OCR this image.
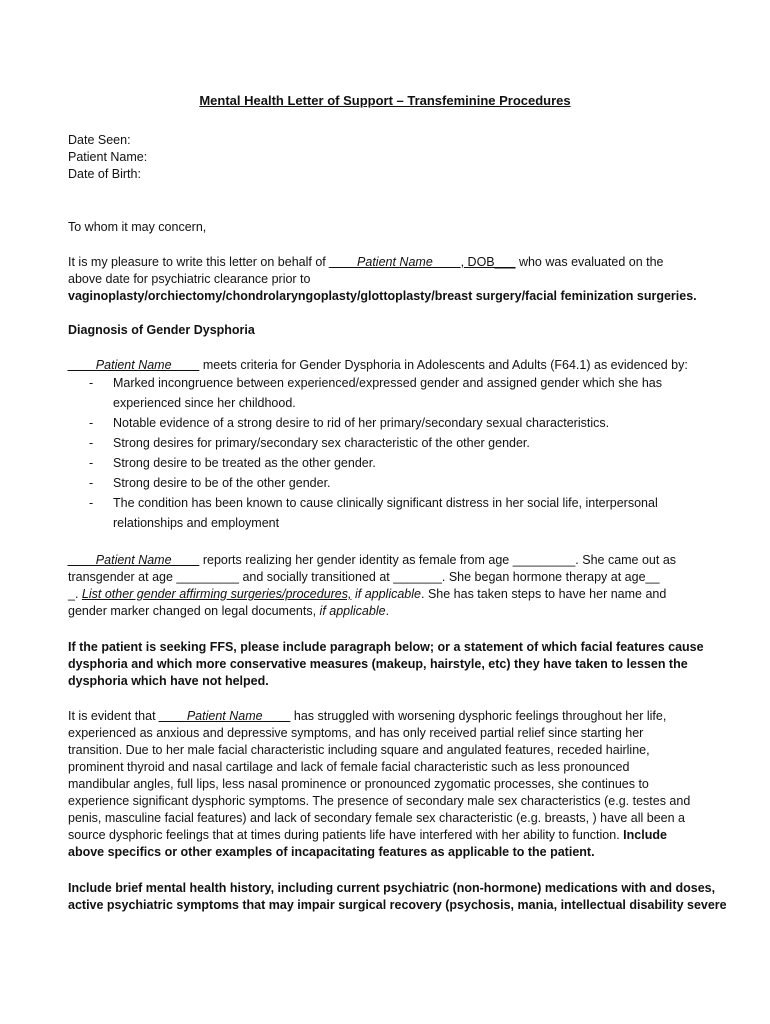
Mental Health Letter of Support – Transfeminine Procedures
Date Seen:
Patient Name:
Date of Birth:
To whom it may concern,
It is my pleasure to write this letter on behalf of ____Patient Name____, DOB___ who was evaluated on the
above date for psychiatric clearance prior to
vaginoplasty/orchiectomy/chondrolaryngoplasty/glottoplasty/breast surgery/facial feminization surgeries.
Diagnosis of Gender Dysphoria
____Patient Name____ meets criteria for Gender Dysphoria in Adolescents and Adults (F64.1) as evidenced by:
- Marked incongruence between experienced/expressed gender and assigned gender which she has
experienced since her childhood.
- Notable evidence of a strong desire to rid of her primary/secondary sexual characteristics.
- Strong desires for primary/secondary sex characteristic of the other gender.
- Strong desire to be treated as the other gender.
- Strong desire to be of the other gender.
- The condition has been known to cause clinically significant distress in her social life, interpersonal
relationships and employment
____Patient Name____ reports realizing her gender identity as female from age _________. She came out as
transgender at age _________ and socially transitioned at _______. She began hormone therapy at age__
_. List other gender affirming surgeries/procedures, if applicable. She has taken steps to have her name and
gender marker changed on legal documents, if applicable.
If the patient is seeking FFS, please include paragraph below; or a statement of which facial features cause
dysphoria and which more conservative measures (makeup, hairstyle, etc) they have taken to lessen the
dysphoria which have not helped.
It is evident that ____Patient Name____ has struggled with worsening dysphoric feelings throughout her life,
experienced as anxious and depressive symptoms, and has only received partial relief since starting her
transition. Due to her male facial characteristic including square and angulated features, receded hairline,
prominent thyroid and nasal cartilage and lack of female facial characteristic such as less pronounced
mandibular angles, full lips, less nasal prominence or pronounced zygomatic processes, she continues to
experience significant dysphoric symptoms. The presence of secondary male sex characteristics (e.g. testes and
penis, masculine facial features) and lack of secondary female sex characteristic (e.g. breasts, ) have all been a
source dysphoric feelings that at times during patients life have interfered with her ability to function. Include
above specifics or other examples of incapacitating features as applicable to the patient.
Include brief mental health history, including current psychiatric (non-hormone) medications with and doses,
active psychiatric symptoms that may impair surgical recovery (psychosis, mania, intellectual disability severe
